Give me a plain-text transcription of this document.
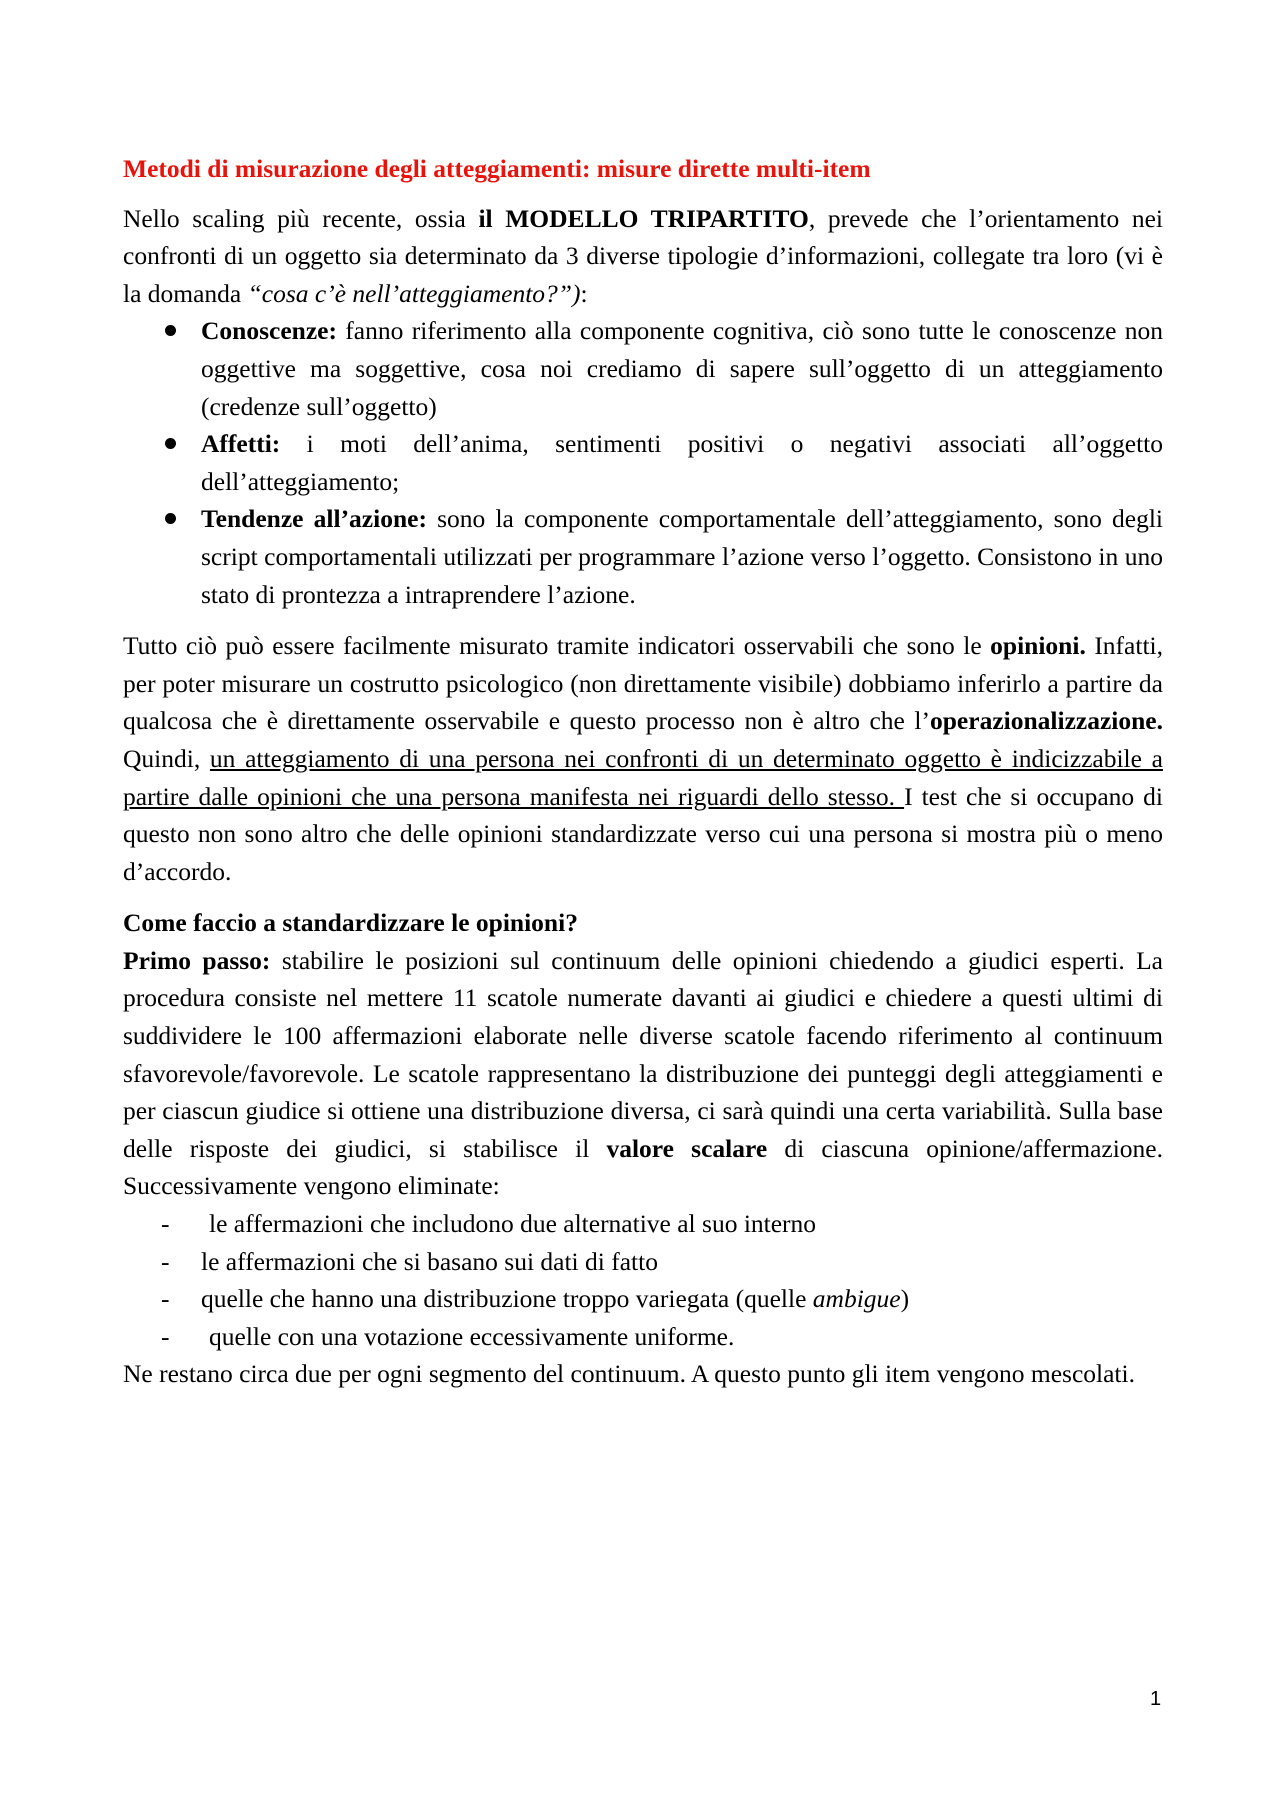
Metodi di misurazione degli atteggiamenti: misure dirette multi-item

Nello scaling più recente, ossia il MODELLO TRIPARTITO, prevede che l’orientamento nei confronti di un oggetto sia determinato da 3 diverse tipologie d’informazioni, collegate tra loro (vi è la domanda “cosa c’è nell’atteggiamento?”):

Conoscenze: fanno riferimento alla componente cognitiva, ciò sono tutte le conoscenze non oggettive ma soggettive, cosa noi crediamo di sapere sull’oggetto di un atteggiamento (credenze sull’oggetto)
Affetti: i moti dell’anima, sentimenti positivi o negativi associati all’oggetto dell’atteggiamento;
Tendenze all’azione: sono la componente comportamentale dell’atteggiamento, sono degli script comportamentali utilizzati per programmare l’azione verso l’oggetto. Consistono in uno stato di prontezza a intraprendere l’azione.

Tutto ciò può essere facilmente misurato tramite indicatori osservabili che sono le opinioni. Infatti, per poter misurare un costrutto psicologico (non direttamente visibile) dobbiamo inferirlo a partire da qualcosa che è direttamente osservabile e questo processo non è altro che l’operazionalizzazione. Quindi, un atteggiamento di una persona nei confronti di un determinato oggetto è indicizzabile a partire dalle opinioni che una persona manifesta nei riguardi dello stesso. I test che si occupano di questo non sono altro che delle opinioni standardizzate verso cui una persona si mostra più o meno d’accordo.

Come faccio a standardizzare le opinioni?

Primo passo: stabilire le posizioni sul continuum delle opinioni chiedendo a giudici esperti. La procedura consiste nel mettere 11 scatole numerate davanti ai giudici e chiedere a questi ultimi di suddividere le 100 affermazioni elaborate nelle diverse scatole facendo riferimento al continuum sfavorevole/favorevole. Le scatole rappresentano la distribuzione dei punteggi degli atteggiamenti e per ciascun giudice si ottiene una distribuzione diversa, ci sarà quindi una certa variabilità. Sulla base delle risposte dei giudici, si stabilisce il valore scalare di ciascuna opinione/affermazione. Successivamente vengono eliminate:

- le affermazioni che includono due alternative al suo interno
- le affermazioni che si basano sui dati di fatto
- quelle che hanno una distribuzione troppo variegata (quelle ambigue)
- quelle con una votazione eccessivamente uniforme.

Ne restano circa due per ogni segmento del continuum. A questo punto gli item vengono mescolati.

1
